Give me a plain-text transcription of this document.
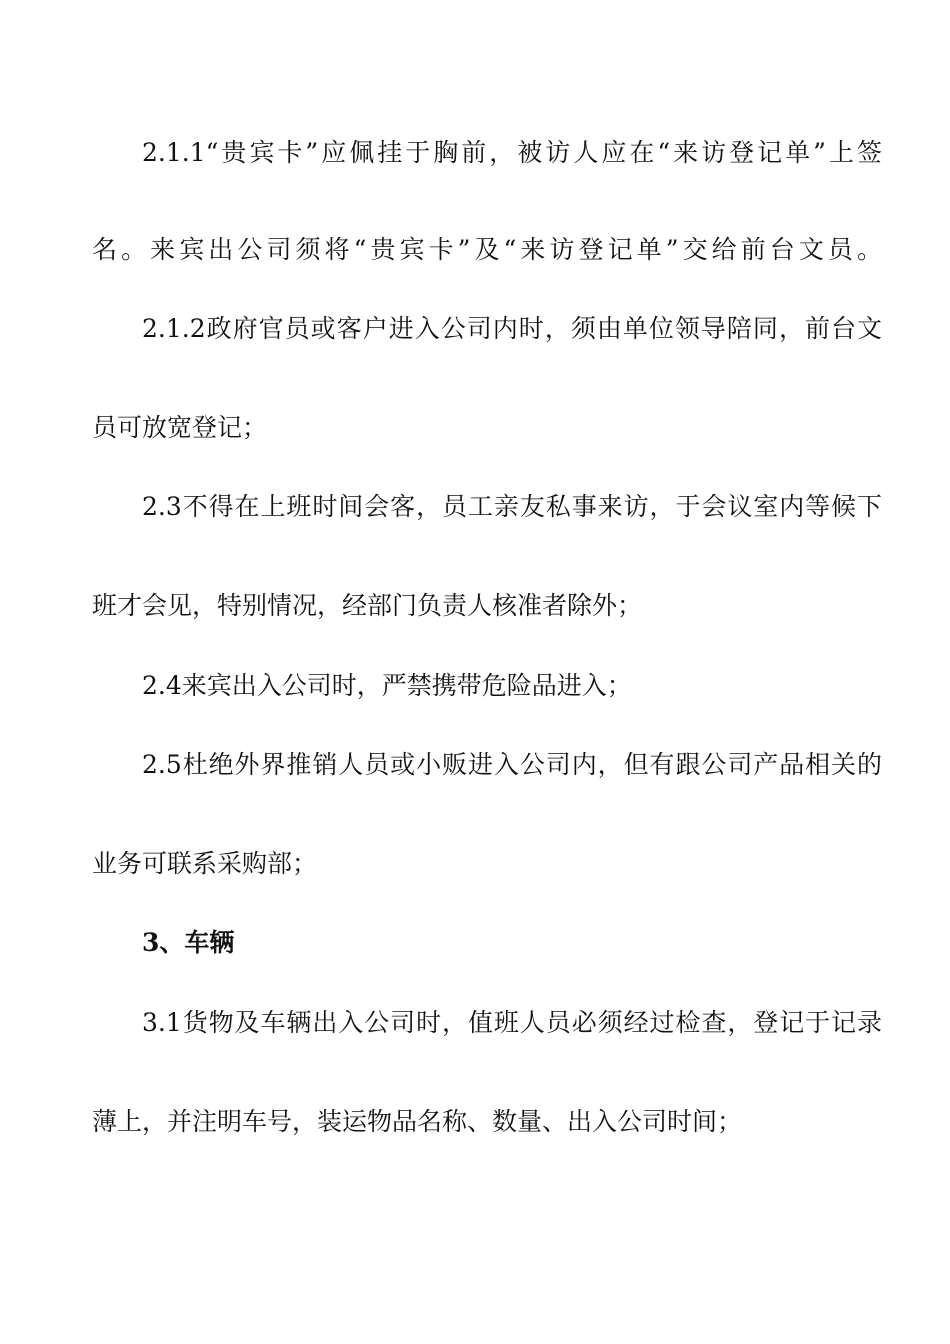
2.1.1“贵宾卡”应佩挂于胸前，被访人应在“来访登记单”上签
名。来宾出公司须将“贵宾卡”及“来访登记单”交给前台文员。
2.1.2政府官员或客户进入公司内时，须由单位领导陪同，前台文
员可放宽登记；
2.3不得在上班时间会客，员工亲友私事来访，于会议室内等候下
班才会见，特别情况，经部门负责人核准者除外；
2.4来宾出入公司时，严禁携带危险品进入；
2.5杜绝外界推销人员或小贩进入公司内，但有跟公司产品相关的
业务可联系采购部；
3、车辆
3.1货物及车辆出入公司时，值班人员必须经过检查，登记于记录
薄上，并注明车号，装运物品名称、数量、出入公司时间；
